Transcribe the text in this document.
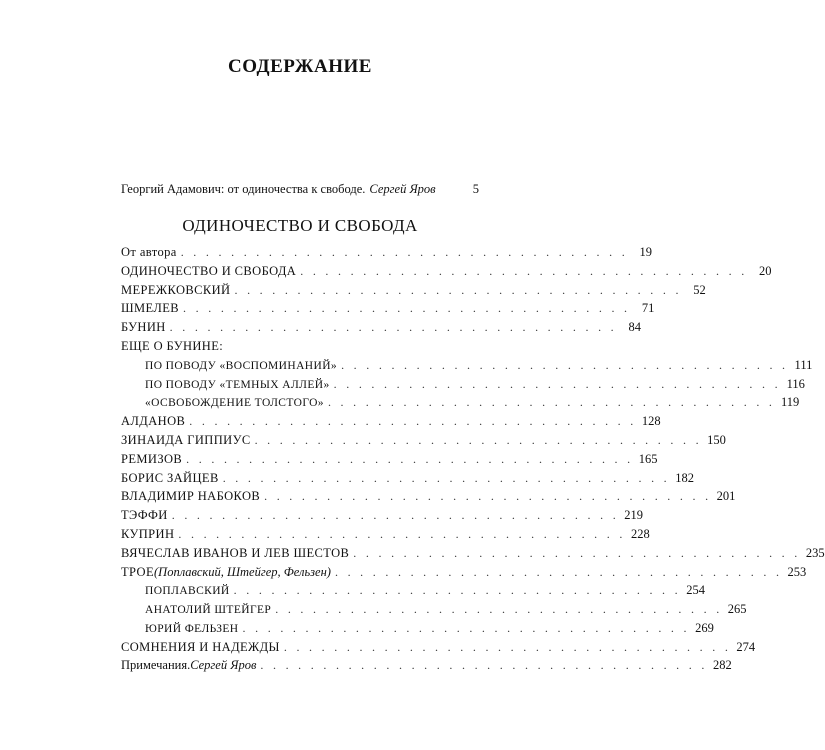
СОДЕРЖАНИЕ
Георгий Адамович: от одиночества к свободе. Сергей Яров	5
ОДИНОЧЕСТВО И СВОБОДА
От автора . . . . . . . . . . . . . . . . . . . . . . . . . . . . . . . . . . . . 19
ОДИНОЧЕСТВО И СВОБОДА . . . . . . . . . . . . . . . . . . . . . . . . . . . . . . . . . . . . 20
МЕРЕЖКОВСКИЙ . . . . . . . . . . . . . . . . . . . . . . . . . . . . . . . . . . . . 52
ШМЕЛЕВ . . . . . . . . . . . . . . . . . . . . . . . . . . . . . . . . . . . . 71
БУНИН . . . . . . . . . . . . . . . . . . . . . . . . . . . . . . . . . . . . 84
ЕЩЕ О БУНИНЕ:
ПО ПОВОДУ «ВОСПОМИНАНИЙ» . . . . . . . . . . . . . . . . . . . . . . . . . . . . . . . . . . . . 111
ПО ПОВОДУ «ТЕМНЫХ АЛЛЕЙ» . . . . . . . . . . . . . . . . . . . . . . . . . . . . . . . . . . . . 116
«ОСВОБОЖДЕНИЕ ТОЛСТОГО» . . . . . . . . . . . . . . . . . . . . . . . . . . . . . . . . . . . . 119
АЛДАНОВ . . . . . . . . . . . . . . . . . . . . . . . . . . . . . . . . . . . . 128
ЗИНАИДА ГИППИУС . . . . . . . . . . . . . . . . . . . . . . . . . . . . . . . . . . . . 150
РЕМИЗОВ . . . . . . . . . . . . . . . . . . . . . . . . . . . . . . . . . . . . 165
БОРИС ЗАЙЦЕВ . . . . . . . . . . . . . . . . . . . . . . . . . . . . . . . . . . . . 182
ВЛАДИМИР НАБОКОВ . . . . . . . . . . . . . . . . . . . . . . . . . . . . . . . . . . . . 201
ТЭФФИ . . . . . . . . . . . . . . . . . . . . . . . . . . . . . . . . . . . . 219
КУПРИН . . . . . . . . . . . . . . . . . . . . . . . . . . . . . . . . . . . . 228
ВЯЧЕСЛАВ ИВАНОВ И ЛЕВ ШЕСТОВ . . . . . . . . . . . . . . . . . . . . . . . . . . . . . . . . . . . . 235
ТРОЕ (Поплавский, Штейгер, Фельзен) . . . . . . . . . . . . . . . . . . . . . . . . . . . . . . . . . . . . 253
ПОПЛАВСКИЙ . . . . . . . . . . . . . . . . . . . . . . . . . . . . . . . . . . . . 254
АНАТОЛИЙ ШТЕЙГЕР . . . . . . . . . . . . . . . . . . . . . . . . . . . . . . . . . . . . 265
ЮРИЙ ФЕЛЬЗЕН . . . . . . . . . . . . . . . . . . . . . . . . . . . . . . . . . . . . 269
СОМНЕНИЯ И НАДЕЖДЫ . . . . . . . . . . . . . . . . . . . . . . . . . . . . . . . . . . . . 274
Примечания. Сергей Яров . . . . . . . . . . . . . . . . . . . . . . . . . . . . . . . . . . . . 282
